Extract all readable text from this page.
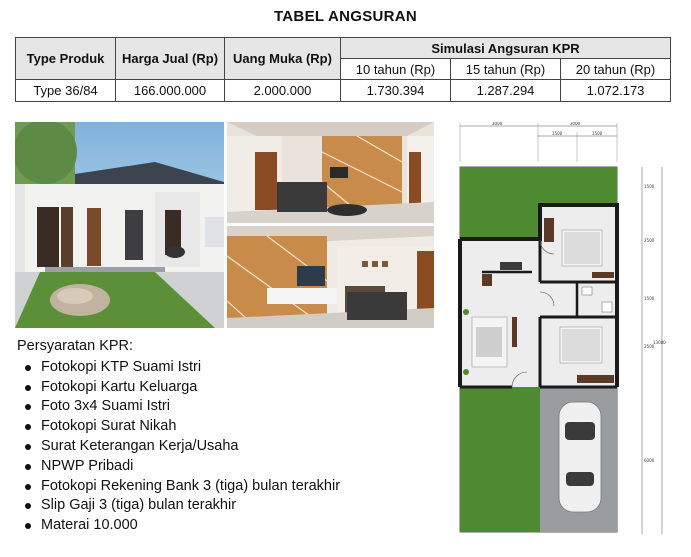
TABEL ANGSURAN
Type Produk	Harga Jual (Rp)	Uang Muka (Rp)	Simulasi Angsuran KPR		
			10 tahun (Rp)	15 tahun (Rp)	20 tahun (Rp)
Type 36/84	166.000.000	2.000.000	1.730.394	1.287.294	1.072.173
Persyaratan KPR:
Fotokopi KTP Suami Istri
Fotokopi Kartu Keluarga
Foto 3x4 Suami Istri
Fotokopi Surat Nikah
Surat Keterangan Kerja/Usaha
NPWP Pribadi
Fotokopi Rekening Bank 3 (tiga) bulan terakhir
Slip Gaji 3 (tiga) bulan terakhir
Materai 10.000
3000	3000
1500	1500
1500
2500
1500
2500
6000
13000
